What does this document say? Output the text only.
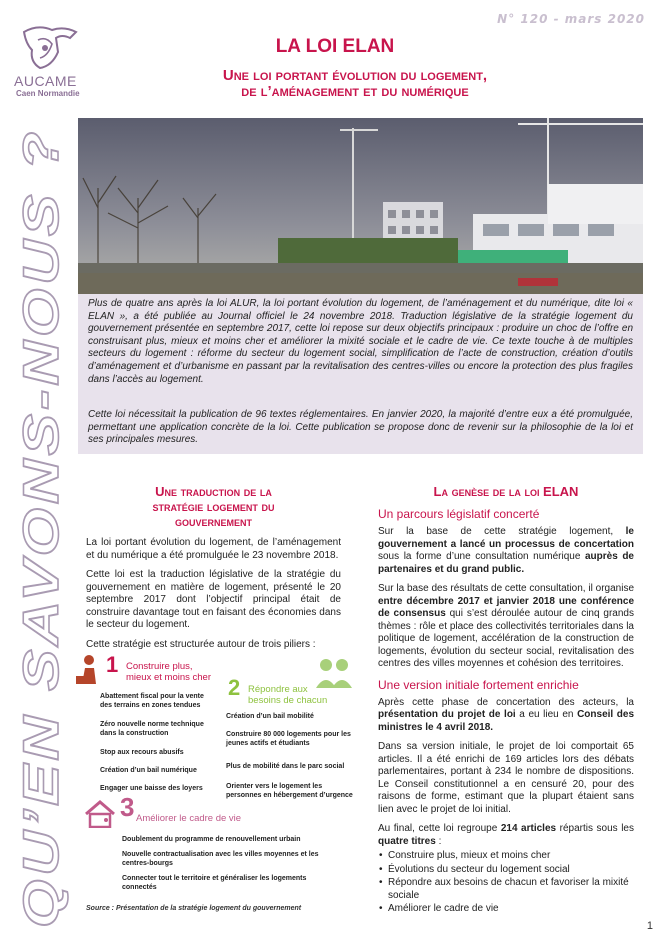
QU’EN SAVONS-NOUS ?
AUCAME
Caen Normandie
N° 120 - mars 2020
LA LOI ELAN
Une loi portant évolution du logement,
de l’aménagement et du numérique

Plus de quatre ans après la loi ALUR, la loi portant évolution du logement, de l’aménagement et du numérique, dite loi « ELAN », a été publiée au Journal officiel le 24 novembre 2018. Traduction législative de la stratégie logement du gouvernement présentée en septembre 2017, cette loi repose sur deux objectifs principaux : produire un choc de l’offre en construisant plus, mieux et moins cher et améliorer la mixité sociale et le cadre de vie. Ce texte touche à de multiples secteurs du logement : réforme du secteur du logement social, simplification de l’acte de construction, création d’outils d’aménagement et d’urbanisme en passant par la revitalisation des centres-villes ou encore la protection des plus fragiles dans l’accès au logement.

Cette loi nécessitait la publication de 96 textes réglementaires. En janvier 2020, la majorité d’entre eux a été promulguée, permettant une application concrète de la loi. Cette publication se propose donc de revenir sur la philosophie de la loi et ses principales mesures.

Une traduction de la
stratégie logement du
gouvernement

La loi portant évolution du logement, de l’aménagement et du numérique a été promulguée le 23 novembre 2018.

Cette loi est la traduction législative de la stratégie du gouvernement en matière de logement, présenté le 20 septembre 2017 dont l’objectif principal était de construire davantage tout en faisant des économies dans le secteur du logement.

Cette stratégie est structurée autour de trois piliers :

1 Construire plus,
mieux et moins cher
Abattement fiscal pour la vente des terrains en zones tendues
Zéro nouvelle norme technique dans la construction
Stop aux recours abusifs
Création d’un bail numérique
Engager une baisse des loyers
2 Répondre aux
besoins de chacun
Création d’un bail mobilité
Construire 80 000 logements pour les jeunes actifs et étudiants
Plus de mobilité dans le parc social
Orienter vers le logement les personnes en hébergement d’urgence
3 Améliorer le cadre de vie
Doublement du programme de renouvellement urbain
Nouvelle contractualisation avec les villes moyennes et les centres-bourgs
Connecter tout le territoire et généraliser les logements connectés
Source : Présentation de la stratégie logement du gouvernement
La genèse de la loi ELAN
Un parcours législatif concerté

Sur la base de cette stratégie logement, le gouvernement a lancé un processus de concertation sous la forme d’une consultation numérique auprès de partenaires et du grand public.

Sur la base des résultats de cette consultation, il organise entre décembre 2017 et janvier 2018 une conférence de consensus qui s’est déroulée autour de cinq grands thèmes : rôle et place des collectivités territoriales dans la politique de logement, accélération de la construction de logements, évolution du secteur social, revitalisation des centres des villes moyennes et cohésion des territoires.

Une version initiale fortement enrichie

Après cette phase de concertation des acteurs, la présentation du projet de loi a eu lieu en Conseil des ministres le 4 avril 2018.

Dans sa version initiale, le projet de loi comportait 65 articles. Il a été enrichi de 169 articles lors des débats parlementaires, portant à 234 le nombre de dispositions. Le Conseil constitutionnel a en censuré 20, pour des raisons de forme, estimant que la plupart étaient sans lien avec le projet de loi initial.

Au final, cette loi regroupe 214 articles répartis sous les quatre titres :

• Construire plus, mieux et moins cher
• Évolutions du secteur du logement social
• Répondre aux besoins de chacun et favoriser la mixité sociale
• Améliorer le cadre de vie
1
